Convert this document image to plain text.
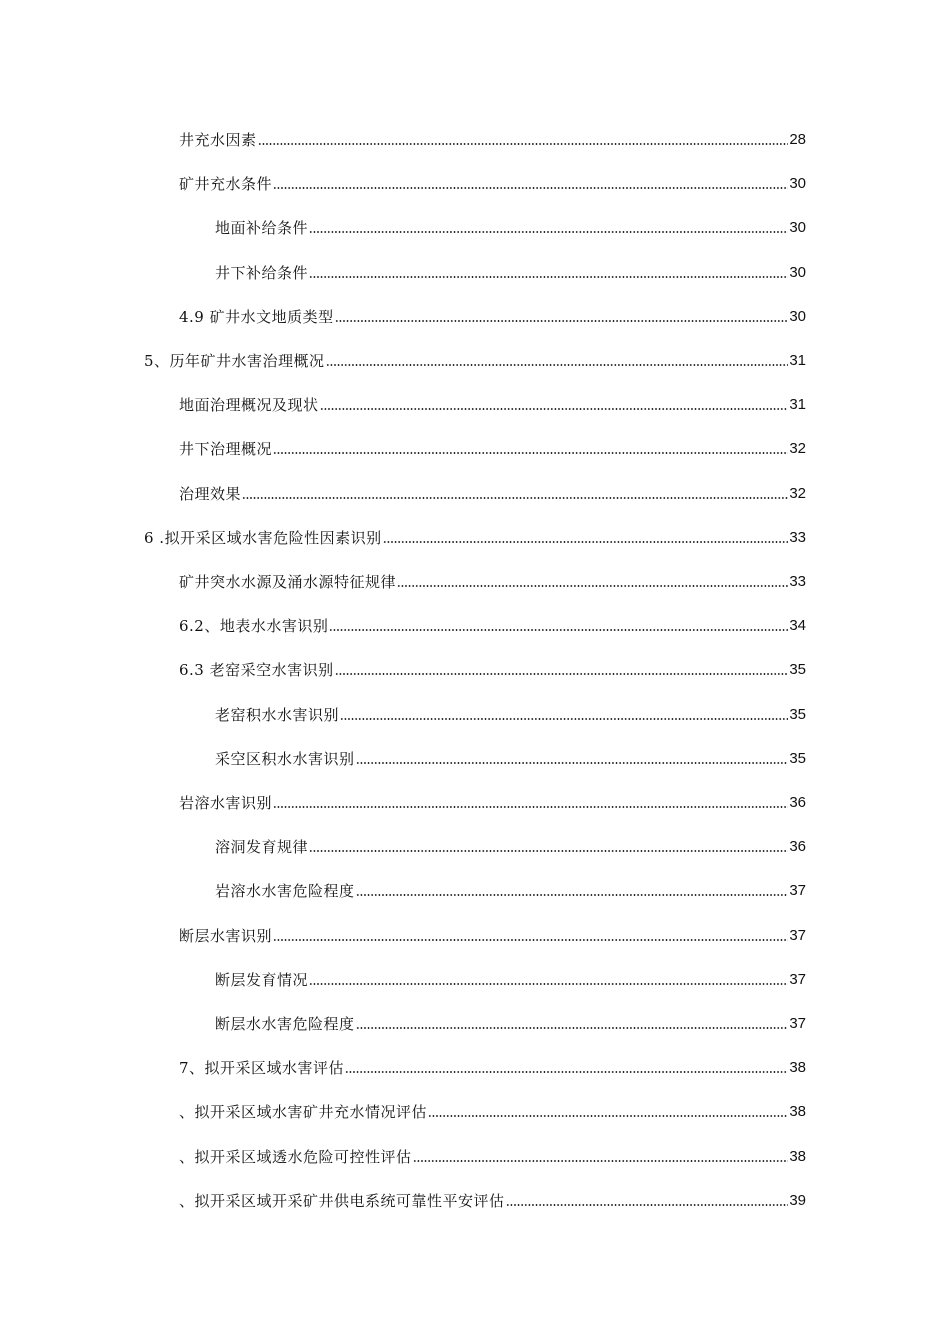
井充水因素	28
矿井充水条件	30
地面补给条件	30
井下补给条件	30
4.9 矿井水文地质类型	30
5、历年矿井水害治理概况	31
地面治理概况及现状	31
井下治理概况	32
治理效果	32
6 .拟开采区域水害危险性因素识别	33
矿井突水水源及涌水源特征规律	33
6.2、地表水水害识别	34
6.3 老窑采空水害识别	35
老窑积水水害识别	35
采空区积水水害识别	35
岩溶水害识别	36
溶洞发育规律	36
岩溶水水害危险程度	37
断层水害识别	37
断层发育情况	37
断层水水害危险程度	37
7、拟开采区域水害评估	38
、拟开采区域水害矿井充水情况评估	38
、拟开采区域透水危险可控性评估	38
、拟开采区域开采矿井供电系统可靠性平安评估	39
